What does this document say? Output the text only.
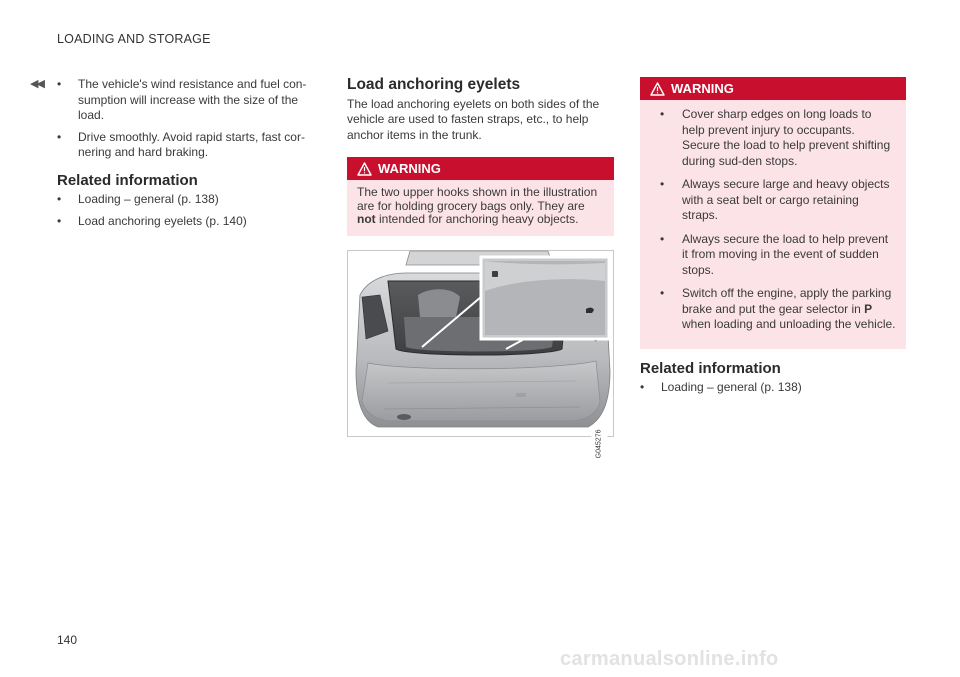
LOADING AND STORAGE
◀◀
•	The vehicle's wind resistance and fuel con-sumption will increase with the size of the load.
• Drive smoothly. Avoid rapid starts, fast cor-nering and hard braking.
Related information
• Loading – general (p. 138)
• Load anchoring eyelets (p. 140)
Load anchoring eyelets
The load anchoring eyelets on both sides of the vehicle are used to fasten straps, etc., to help anchor items in the trunk.
WARNING
The two upper hooks shown in the illustration are for holding grocery bags only. They are not intended for anchoring heavy objects.
G045276
WARNING
• Cover sharp edges on long loads to help prevent injury to occupants. Secure the load to help prevent shifting during sud-den stops.
• Always secure large and heavy objects with a seat belt or cargo retaining straps.
• Always secure the load to help prevent it from moving in the event of sudden stops.
• Switch off the engine, apply the parking brake and put the gear selector in P when loading and unloading the vehicle.
Related information
• Loading – general (p. 138)
140
carmanualsonline.info
